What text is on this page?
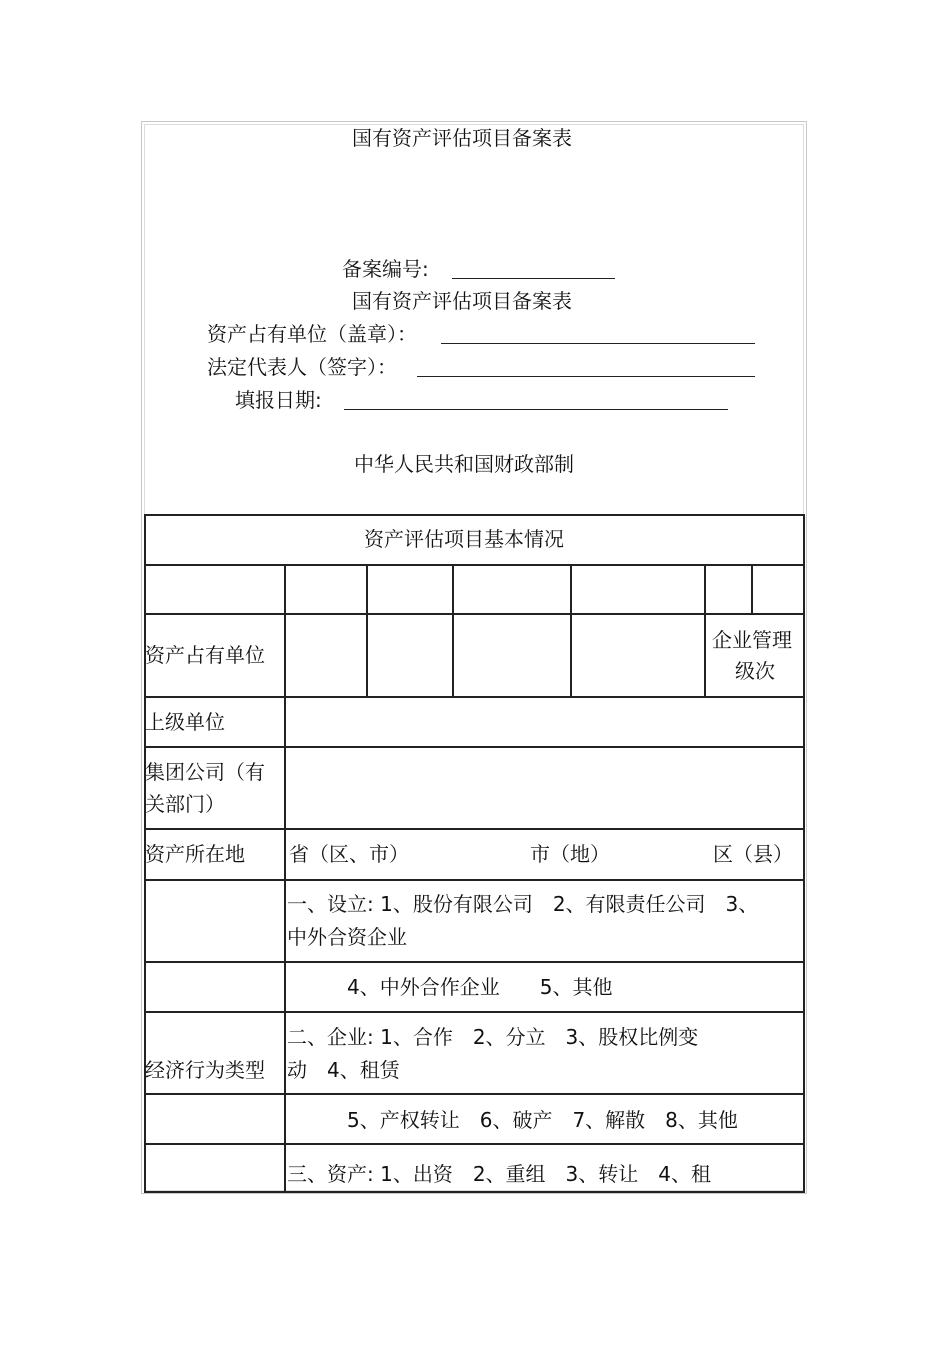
国有资产评估项目备案表
备案编号:
国有资产评估项目备案表
资产占有单位（盖章）：
法定代表人（签字）：
填报日期:
中华人民共和国财政部制
资产评估项目基本情况
资产占有单位
企业管理
级次
上级单位
集团公司（有
关部门）
资产所在地 省（区、市）	市（地）	区（县）
一、设立: 1、股份有限公司　2、有限责任公司　3、
中外合资企业
4、中外合作企业　　5、其他
经济行为类型
二、企业: 1、合作　2、分立　3、股权比例变
动　4、租赁
5、产权转让　6、破产　7、解散　8、其他
三、资产: 1、出资　2、重组　3、转让　4、租
